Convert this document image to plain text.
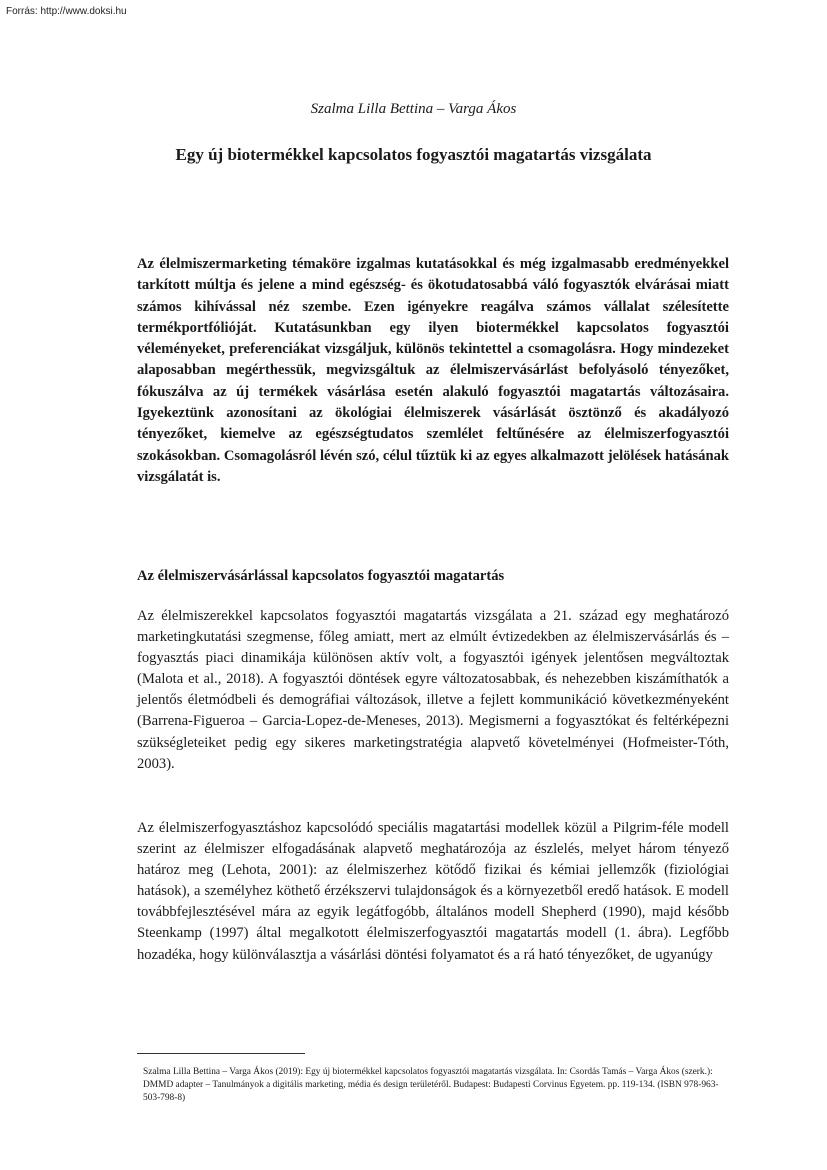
Forrás: http://www.doksi.hu
Szalma Lilla Bettina – Varga Ákos
Egy új biotermékkel kapcsolatos fogyasztói magatartás vizsgálata

Az élelmiszermarketing témaköre izgalmas kutatásokkal és még izgalmasabb eredményekkel tarkított múltja és jelene a mind egészség- és ökotudatosabbá váló fogyasztók elvárásai miatt számos kihívással néz szembe. Ezen igényekre reagálva számos vállalat szélesítette termékportfólióját. Kutatásunkban egy ilyen biotermékkel kapcsolatos fogyasztói véleményeket, preferenciákat vizsgáljuk, különös tekintettel a csomagolásra. Hogy mindezeket alaposabban megérthessük, megvizsgáltuk az élelmiszervásárlást befolyásoló tényezőket, fókuszálva az új termékek vásárlása esetén alakuló fogyasztói magatartás változásaira. Igyekeztünk azonosítani az ökológiai élelmiszerek vásárlását ösztönző és akadályozó tényezőket, kiemelve az egészségtudatos szemlélet feltűnésére az élelmiszerfogyasztói szokásokban. Csomagolásról lévén szó, célul tűztük ki az egyes alkalmazott jelölések hatásának vizsgálatát is.

Az élelmiszervásárlással kapcsolatos fogyasztói magatartás

Az élelmiszerekkel kapcsolatos fogyasztói magatartás vizsgálata a 21. század egy meghatározó marketingkutatási szegmense, főleg amiatt, mert az elmúlt évtizedekben az élelmiszervásárlás és –fogyasztás piaci dinamikája különösen aktív volt, a fogyasztói igények jelentősen megváltoztak (Malota et al., 2018). A fogyasztói döntések egyre változatosabbak, és nehezebben kiszámíthatók a jelentős életmódbeli és demográfiai változások, illetve a fejlett kommunikáció következményeként (Barrena-Figueroa – Garcia-Lopez-de-Meneses, 2013). Megismerni a fogyasztókat és feltérképezni szükségleteiket pedig egy sikeres marketingstratégia alapvető követelményei (Hofmeister-Tóth, 2003).

Az élelmiszerfogyasztáshoz kapcsolódó speciális magatartási modellek közül a Pilgrim-féle modell szerint az élelmiszer elfogadásának alapvető meghatározója az észlelés, melyet három tényező határoz meg (Lehota, 2001): az élelmiszerhez kötődő fizikai és kémiai jellemzők (fiziológiai hatások), a személyhez köthető érzékszervi tulajdonságok és a környezetből eredő hatások. E modell továbbfejlesztésével mára az egyik legátfogóbb, általános modell Shepherd (1990), majd később Steenkamp (1997) által megalkotott élelmiszerfogyasztói magatartás modell (1. ábra). Legfőbb hozadéka, hogy különválasztja a vásárlási döntési folyamatot és a rá ható tényezőket, de ugyanúgy

Szalma Lilla Bettina – Varga Ákos (2019): Egy új biotermékkel kapcsolatos fogyasztói magatartás vizsgálata. In: Csordás Tamás – Varga Ákos (szerk.): DMMD adapter – Tanulmányok a digitális marketing, média és design területéről. Budapest: Budapesti Corvinus Egyetem. pp. 119-134. (ISBN 978-963-503-798-8)
